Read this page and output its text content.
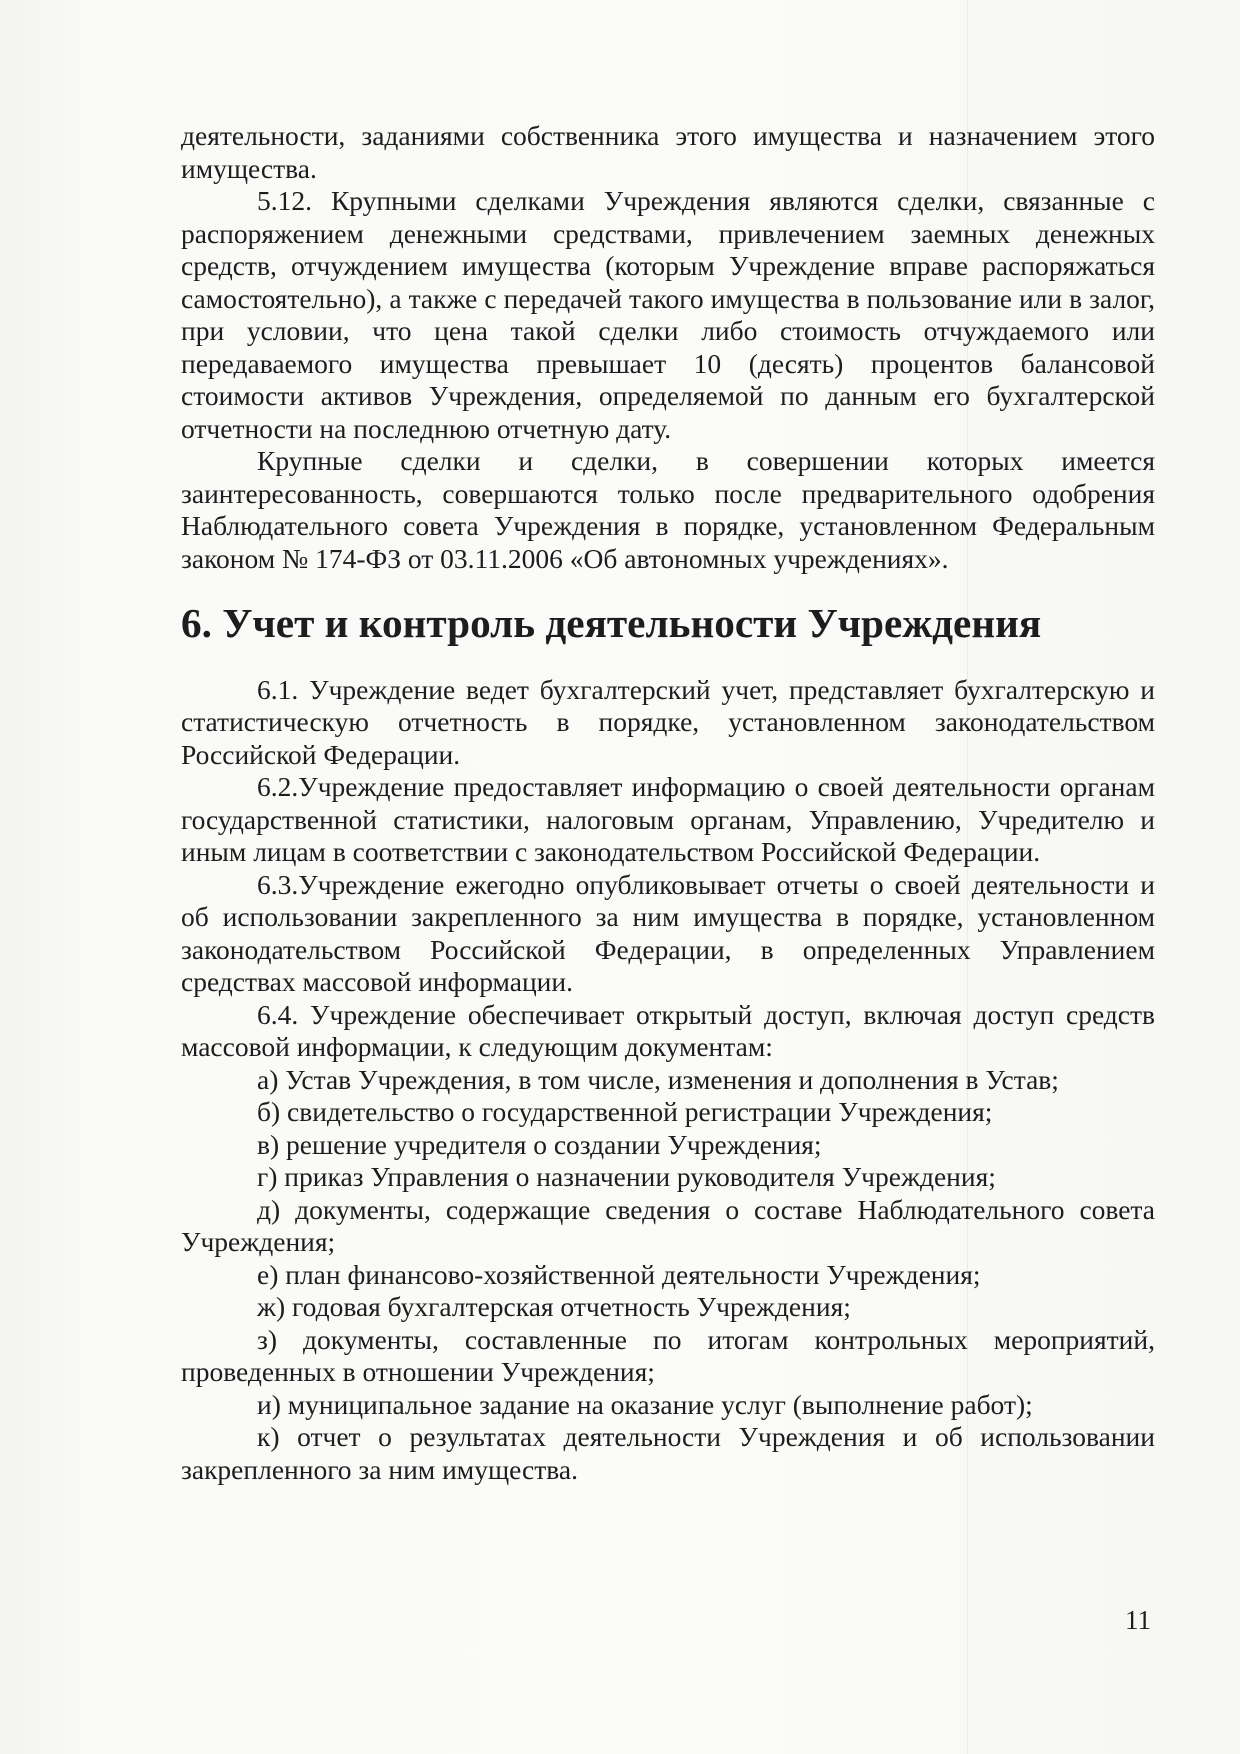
деятельности, заданиями собственника этого имущества и назначением этого имущества.

5.12. Крупными сделками Учреждения являются сделки, связанные с распоряжением денежными средствами, привлечением заемных денежных средств, отчуждением имущества (которым Учреждение вправе распоряжаться самостоятельно), а также с передачей такого имущества в пользование или в залог, при условии, что цена такой сделки либо стоимость отчуждаемого или передаваемого имущества превышает 10 (десять) процентов балансовой стоимости активов Учреждения, определяемой по данным его бухгалтерской отчетности на последнюю отчетную дату.

Крупные сделки и сделки, в совершении которых имеется заинтересованность, совершаются только после предварительного одобрения Наблюдательного совета Учреждения в порядке, установленном Федеральным законом № 174-ФЗ от 03.11.2006 «Об автономных учреждениях».

6. Учет и контроль деятельности Учреждения

6.1. Учреждение ведет бухгалтерский учет, представляет бухгалтерскую и статистическую отчетность в порядке, установленном законодательством Российской Федерации.

6.2.Учреждение предоставляет информацию о своей деятельности органам государственной статистики, налоговым органам, Управлению, Учредителю и иным лицам в соответствии с законодательством Российской Федерации.

6.3.Учреждение ежегодно опубликовывает отчеты о своей деятельности и об использовании закрепленного за ним имущества в порядке, установленном законодательством Российской Федерации, в определенных Управлением средствах массовой информации.

6.4. Учреждение обеспечивает открытый доступ, включая доступ средств массовой информации, к следующим документам:

а) Устав Учреждения, в том числе, изменения и дополнения в Устав;

б) свидетельство о государственной регистрации Учреждения;

в) решение учредителя о создании Учреждения;

г) приказ Управления о назначении руководителя Учреждения;

д) документы, содержащие сведения о составе Наблюдательного совета Учреждения;

е) план финансово-хозяйственной деятельности Учреждения;

ж) годовая бухгалтерская отчетность Учреждения;

з) документы, составленные по итогам контрольных мероприятий, проведенных в отношении Учреждения;

и) муниципальное задание на оказание услуг (выполнение работ);

к) отчет о результатах деятельности Учреждения и об использовании закрепленного за ним имущества.

11
